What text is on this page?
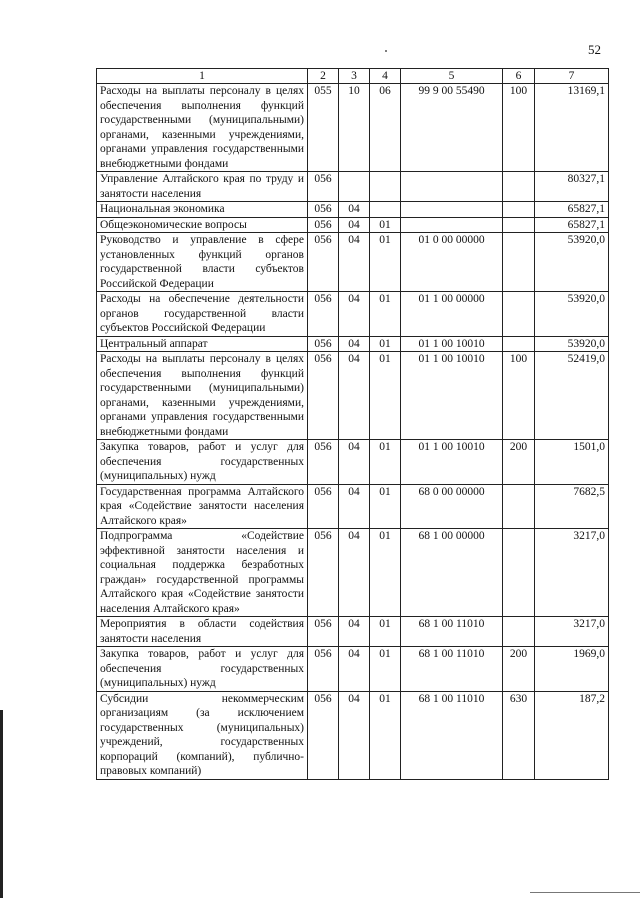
52
1	2	3	4	5	6	7
Расходы на выплаты персоналу в целях обеспечения выполнения функций государственными (муниципальными) органами, казенными учреждениями, органами управления государственными внебюджетными фондами	055	10	06	99 9 00 55490	100	13169,1
Управление Алтайского края по труду и занятости населения	056					80327,1
Национальная экономика	056	04				65827,1
Общеэкономические вопросы	056	04	01			65827,1
Руководство и управление в сфере установленных функций органов государственной власти субъектов Российской Федерации	056	04	01	01 0 00 00000		53920,0
Расходы на обеспечение деятельности органов государственной власти субъектов Российской Федерации	056	04	01	01 1 00 00000		53920,0
Центральный аппарат	056	04	01	01 1 00 10010		53920,0
Расходы на выплаты персоналу в целях обеспечения выполнения функций государственными (муниципальными) органами, казенными учреждениями, органами управления государственными внебюджетными фондами	056	04	01	01 1 00 10010	100	52419,0
Закупка товаров, работ и услуг для обеспечения государственных (муниципальных) нужд	056	04	01	01 1 00 10010	200	1501,0
Государственная программа Алтайского края «Содействие занятости населения Алтайского края»	056	04	01	68 0 00 00000		7682,5
Подпрограмма «Содействие эффективной занятости населения и социальная поддержка безработных граждан» государственной программы Алтайского края «Содействие занятости населения Алтайского края»	056	04	01	68 1 00 00000		3217,0
Мероприятия в области содействия занятости населения	056	04	01	68 1 00 11010		3217,0
Закупка товаров, работ и услуг для обеспечения государственных (муниципальных) нужд	056	04	01	68 1 00 11010	200	1969,0
Субсидии некоммерческим организациям (за исключением государственных (муниципальных) учреждений, государственных корпораций (компаний), публично-правовых компаний)	056	04	01	68 1 00 11010	630	187,2
